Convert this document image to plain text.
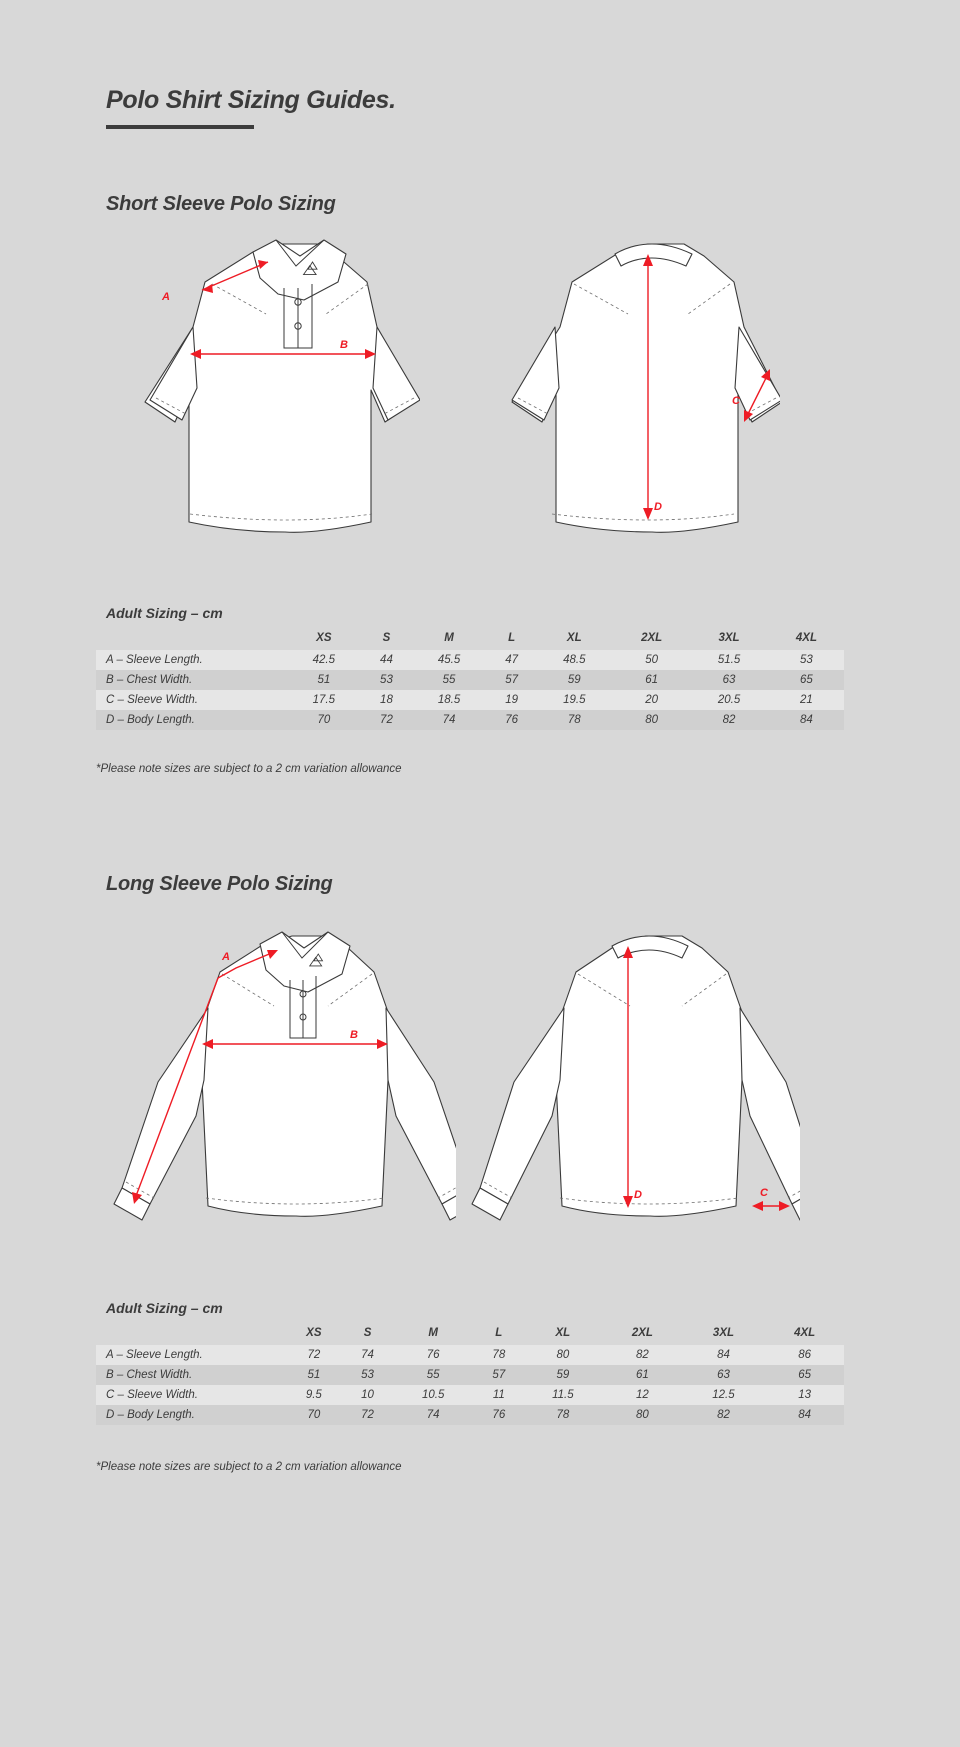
Polo Shirt Sizing Guides.
Short Sleeve Polo Sizing
A
B
D
C
Adult Sizing – cm
	XS	S	M	L	XL	2XL	3XL	4XL
A – Sleeve Length.	42.5	44	45.5	47	48.5	50	51.5	53
B – Chest Width.	51	53	55	57	59	61	63	65
C – Sleeve Width.	17.5	18	18.5	19	19.5	20	20.5	21
D – Body Length.	70	72	74	76	78	80	82	84
*Please note sizes are subject to a 2 cm variation allowance
Long Sleeve Polo Sizing
A
B
D	C
Adult Sizing – cm
	XS	S	M	L	XL	2XL	3XL	4XL
A – Sleeve Length.	72	74	76	78	80	82	84	86
B – Chest Width.	51	53	55	57	59	61	63	65
C – Sleeve Width.	9.5	10	10.5	11	11.5	12	12.5	13
D – Body Length.	70	72	74	76	78	80	82	84
*Please note sizes are subject to a 2 cm variation allowance
